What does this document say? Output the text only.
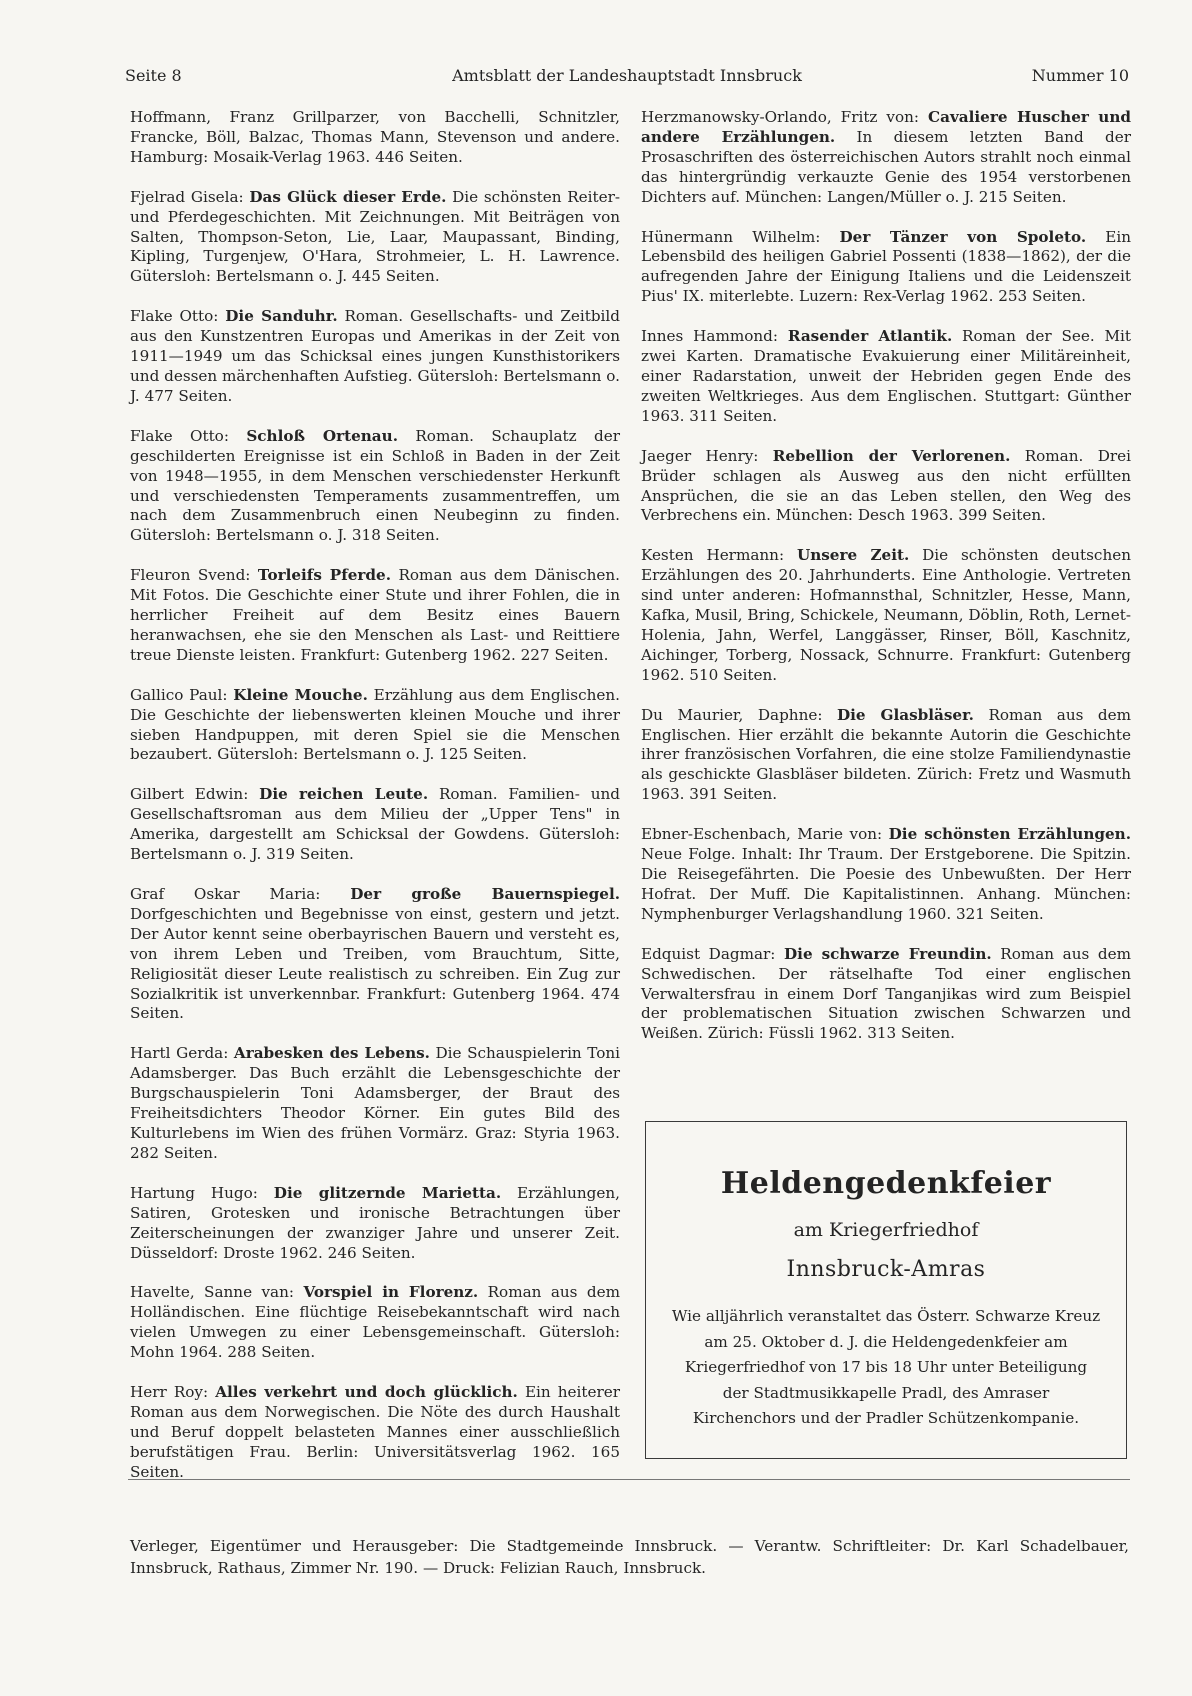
Amtsblatt der Landeshauptstadt Innsbruck
Seite 8	Nummer 10

Hoffmann, Franz Grillparzer, von Bacchelli, Schnitzler, Francke, Böll, Balzac, Thomas Mann, Stevenson und andere. Hamburg: Mosaik-Verlag 1963. 446 Seiten.

Fjelrad Gisela: Das Glück dieser Erde. Die schönsten Reiter- und Pferdegeschichten. Mit Zeichnungen. Mit Beiträgen von Salten, Thompson-Seton, Lie, Laar, Maupassant, Binding, Kipling, Turgenjew, O'Hara, Strohmeier, L. H. Lawrence. Gütersloh: Bertelsmann o. J. 445 Seiten.

Flake Otto: Die Sanduhr. Roman. Gesellschafts- und Zeitbild aus den Kunstzentren Europas und Amerikas in der Zeit von 1911—1949 um das Schicksal eines jungen Kunsthistorikers und dessen märchenhaften Aufstieg. Gütersloh: Bertelsmann o. J. 477 Seiten.

Flake Otto: Schloß Ortenau. Roman. Schauplatz der geschilderten Ereignisse ist ein Schloß in Baden in der Zeit von 1948—1955, in dem Menschen verschiedenster Herkunft und verschiedensten Temperaments zusammentreffen, um nach dem Zusammenbruch einen Neubeginn zu finden. Gütersloh: Bertelsmann o. J. 318 Seiten.

Fleuron Svend: Torleifs Pferde. Roman aus dem Dänischen. Mit Fotos. Die Geschichte einer Stute und ihrer Fohlen, die in herrlicher Freiheit auf dem Besitz eines Bauern heranwachsen, ehe sie den Menschen als Last- und Reittiere treue Dienste leisten. Frankfurt: Gutenberg 1962. 227 Seiten.

Gallico Paul: Kleine Mouche. Erzählung aus dem Englischen. Die Geschichte der liebenswerten kleinen Mouche und ihrer sieben Handpuppen, mit deren Spiel sie die Menschen bezaubert. Gütersloh: Bertelsmann o. J. 125 Seiten.

Gilbert Edwin: Die reichen Leute. Roman. Familien- und Gesellschaftsroman aus dem Milieu der „Upper Tens" in Amerika, dargestellt am Schicksal der Gowdens. Gütersloh: Bertelsmann o. J. 319 Seiten.

Graf Oskar Maria: Der große Bauernspiegel. Dorfgeschichten und Begebnisse von einst, gestern und jetzt. Der Autor kennt seine oberbayrischen Bauern und versteht es, von ihrem Leben und Treiben, vom Brauchtum, Sitte, Religiosität dieser Leute realistisch zu schreiben. Ein Zug zur Sozialkritik ist unverkennbar. Frankfurt: Gutenberg 1964. 474 Seiten.

Hartl Gerda: Arabesken des Lebens. Die Schauspielerin Toni Adamsberger. Das Buch erzählt die Lebensgeschichte der Burgschauspielerin Toni Adamsberger, der Braut des Freiheitsdichters Theodor Körner. Ein gutes Bild des Kulturlebens im Wien des frühen Vormärz. Graz: Styria 1963. 282 Seiten.

Hartung Hugo: Die glitzernde Marietta. Erzählungen, Satiren, Grotesken und ironische Betrachtungen über Zeiterscheinungen der zwanziger Jahre und unserer Zeit. Düsseldorf: Droste 1962. 246 Seiten.

Havelte, Sanne van: Vorspiel in Florenz. Roman aus dem Holländischen. Eine flüchtige Reisebekanntschaft wird nach vielen Umwegen zu einer Lebensgemeinschaft. Gütersloh: Mohn 1964. 288 Seiten.

Herr Roy: Alles verkehrt und doch glücklich. Ein heiterer Roman aus dem Norwegischen. Die Nöte des durch Haushalt und Beruf doppelt belasteten Mannes einer ausschließlich berufstätigen Frau. Berlin: Universitätsverlag 1962. 165 Seiten.

Herzmanowsky-Orlando, Fritz von: Cavaliere Huscher und andere Erzählungen. In diesem letzten Band der Prosaschriften des österreichischen Autors strahlt noch einmal das hintergründig verkauzte Genie des 1954 verstorbenen Dichters auf. München: Langen/Müller o. J. 215 Seiten.

Hünermann Wilhelm: Der Tänzer von Spoleto. Ein Lebensbild des heiligen Gabriel Possenti (1838—1862), der die aufregenden Jahre der Einigung Italiens und die Leidenszeit Pius' IX. miterlebte. Luzern: Rex-Verlag 1962. 253 Seiten.

Innes Hammond: Rasender Atlantik. Roman der See. Mit zwei Karten. Dramatische Evakuierung einer Militäreinheit, einer Radarstation, unweit der Hebriden gegen Ende des zweiten Weltkrieges. Aus dem Englischen. Stuttgart: Günther 1963. 311 Seiten.

Jaeger Henry: Rebellion der Verlorenen. Roman. Drei Brüder schlagen als Ausweg aus den nicht erfüllten Ansprüchen, die sie an das Leben stellen, den Weg des Verbrechens ein. München: Desch 1963. 399 Seiten.

Kesten Hermann: Unsere Zeit. Die schönsten deutschen Erzählungen des 20. Jahrhunderts. Eine Anthologie. Vertreten sind unter anderen: Hofmannsthal, Schnitzler, Hesse, Mann, Kafka, Musil, Bring, Schickele, Neumann, Döblin, Roth, Lernet-Holenia, Jahn, Werfel, Langgässer, Rinser, Böll, Kaschnitz, Aichinger, Torberg, Nossack, Schnurre. Frankfurt: Gutenberg 1962. 510 Seiten.

Du Maurier, Daphne: Die Glasbläser. Roman aus dem Englischen. Hier erzählt die bekannte Autorin die Geschichte ihrer französischen Vorfahren, die eine stolze Familiendynastie als geschickte Glasbläser bildeten. Zürich: Fretz und Wasmuth 1963. 391 Seiten.

Ebner-Eschenbach, Marie von: Die schönsten Erzählungen. Neue Folge. Inhalt: Ihr Traum. Der Erstgeborene. Die Spitzin. Die Reisegefährten. Die Poesie des Unbewußten. Der Herr Hofrat. Der Muff. Die Kapitalistinnen. Anhang. München: Nymphenburger Verlagshandlung 1960. 321 Seiten.

Edquist Dagmar: Die schwarze Freundin. Roman aus dem Schwedischen. Der rätselhafte Tod einer englischen Verwaltersfrau in einem Dorf Tanganjikas wird zum Beispiel der problematischen Situation zwischen Schwarzen und Weißen. Zürich: Füssli 1962. 313 Seiten.

Heldengedenkfeier
am Kriegerfriedhof
Innsbruck-Amras
Wie alljährlich veranstaltet das Österr. Schwarze Kreuz am 25. Oktober d. J. die Heldengedenkfeier am Kriegerfriedhof von 17 bis 18 Uhr unter Beteiligung der Stadtmusikkapelle Pradl, des Amraser Kirchenchors und der Pradler Schützenkompanie.
Verleger, Eigentümer und Herausgeber: Die Stadtgemeinde Innsbruck. — Verantw. Schriftleiter: Dr. Karl Schadelbauer, Innsbruck, Rathaus, Zimmer Nr. 190. — Druck: Felizian Rauch, Innsbruck.
